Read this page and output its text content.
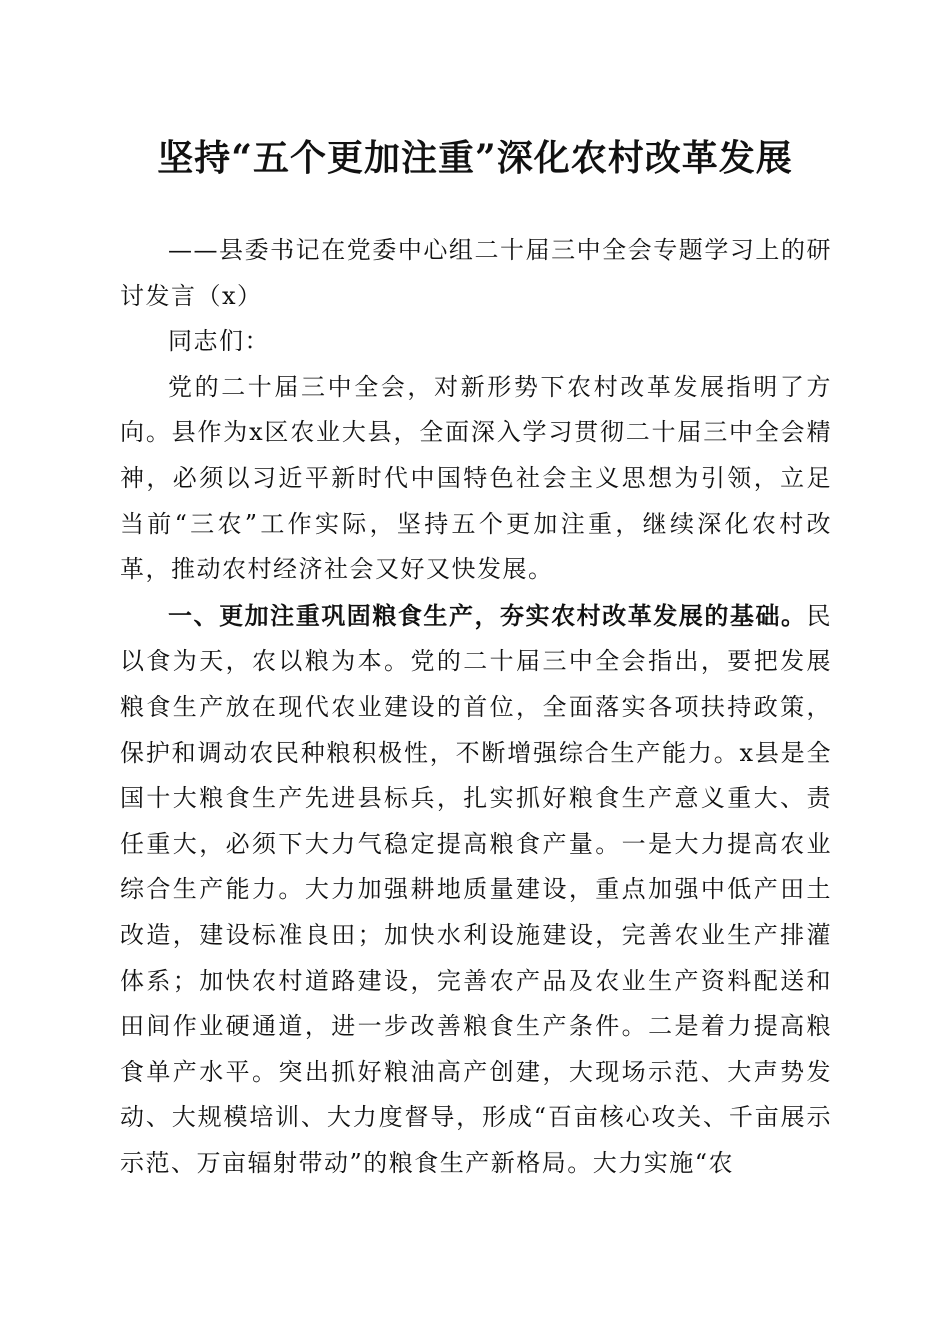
坚持“五个更加注重”深化农村改革发展

——县委书记在党委中心组二十届三中全会专题学习上的研讨发言（x）

同志们：

党的二十届三中全会，对新形势下农村改革发展指明了方向。县作为x区农业大县，全面深入学习贯彻二十届三中全会精神，必须以习近平新时代中国特色社会主义思想为引领，立足当前“三农”工作实际，坚持五个更加注重，继续深化农村改革，推动农村经济社会又好又快发展。

一、更加注重巩固粮食生产，夯实农村改革发展的基础。民以食为天，农以粮为本。党的二十届三中全会指出，要把发展粮食生产放在现代农业建设的首位，全面落实各项扶持政策，保护和调动农民种粮积极性，不断增强综合生产能力。x县是全国十大粮食生产先进县标兵，扎实抓好粮食生产意义重大、责任重大，必须下大力气稳定提高粮食产量。一是大力提高农业综合生产能力。大力加强耕地质量建设，重点加强中低产田土改造，建设标准良田；加快水利设施建设，完善农业生产排灌体系；加快农村道路建设，完善农产品及农业生产资料配送和田间作业硬通道，进一步改善粮食生产条件。二是着力提高粮食单产水平。突出抓好粮油高产创建，大现场示范、大声势发动、大规模培训、大力度督导，形成“百亩核心攻关、千亩展示示范、万亩辐射带动”的粮食生产新格局。大力实施“农
